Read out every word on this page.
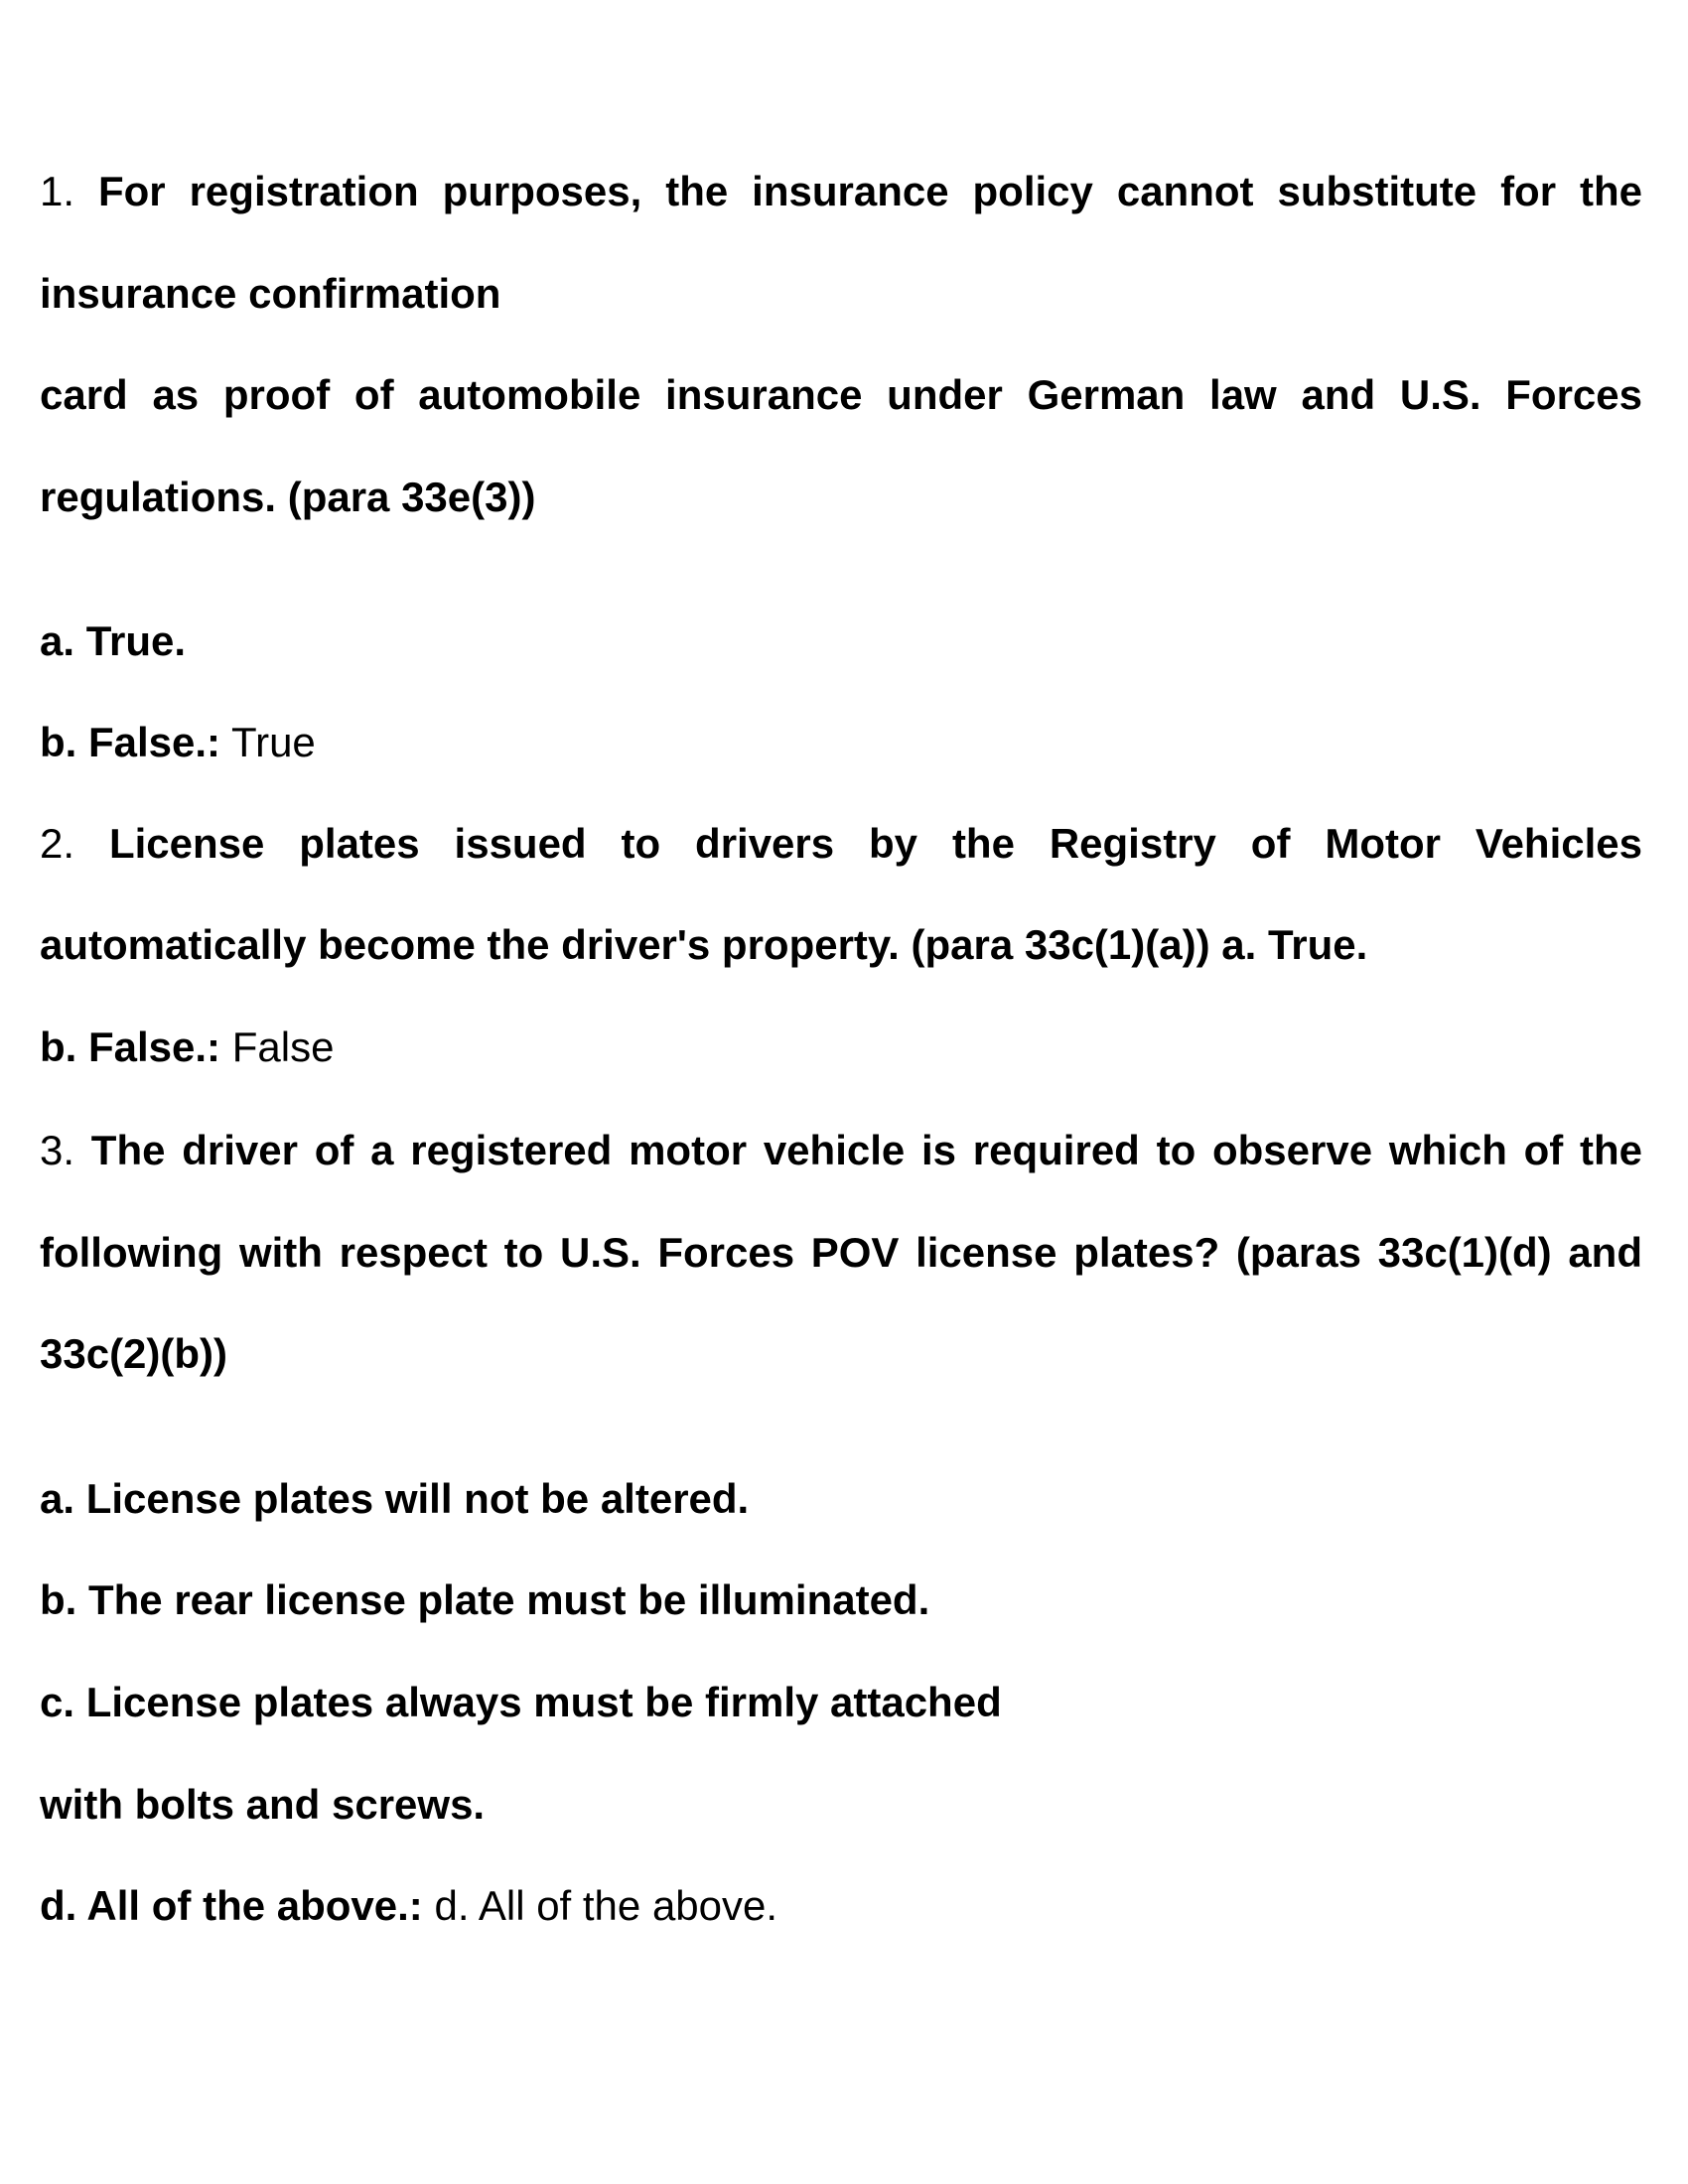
1. For registration purposes, the insurance policy cannot substitute for the
insurance confirmation
card as proof of automobile insurance under German law and U.S. Forces
regulations. (para 33e(3))
a. True.
b. False.: True
2. License plates issued to drivers by the Registry of Motor Vehicles
automatically become the driver's property. (para 33c(1)(a)) a. True.
b. False.: False
3. The driver of a registered motor vehicle is required to observe which of the
following with respect to U.S. Forces POV license plates? (paras 33c(1)(d) and
33c(2)(b))
a. License plates will not be altered.
b. The rear license plate must be illuminated.
c. License plates always must be firmly attached
with bolts and screws.
d. All of the above.: d. All of the above.
